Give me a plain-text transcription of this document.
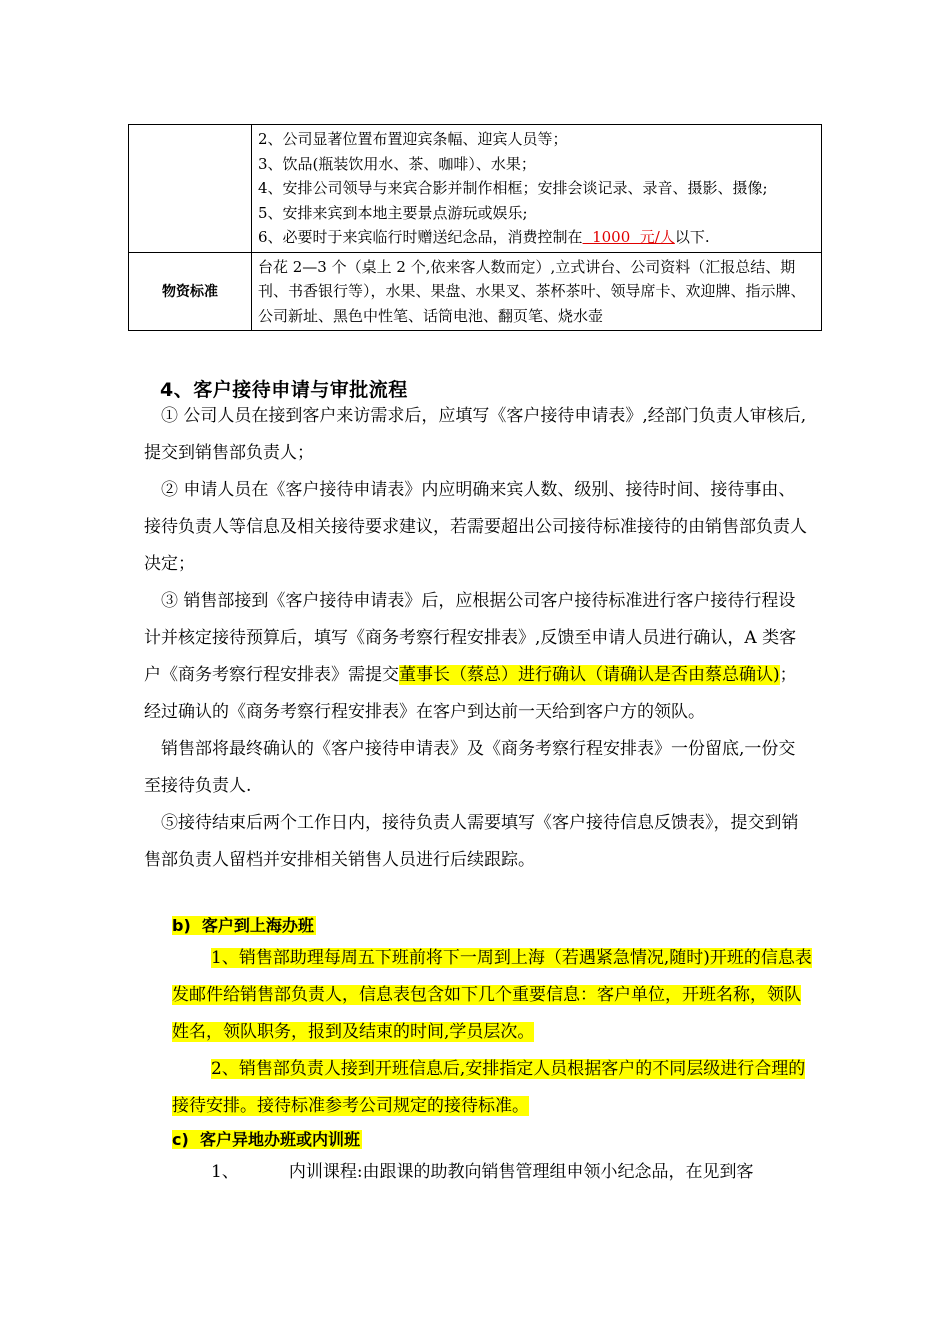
	2、公司显著位置布置迎宾条幅、迎宾人员等；

3、饮品(瓶装饮用水、茶、咖啡）、水果；

4、安排公司领导与来宾合影并制作相框；安排会谈记录、录音、摄影、摄像;

5、安排来宾到本地主要景点游玩或娱乐;

6、必要时于来宾临行时赠送纪念品，消费控制在  1000  元/人以下.

物资标准	台花 2—3 个（桌上 2 个,依来客人数而定）,立式讲台、公司资料（汇报总结、期刊、书香银行等），水果、果盘、水果叉、茶杯茶叶、领导席卡、欢迎牌、指示牌、公司新址、黑色中性笔、话筒电池、翻页笔、烧水壶

4、客户接待申请与审批流程

① 公司人员在接到客户来访需求后，应填写《客户接待申请表》,经部门负责人审核后,提交到销售部负责人；

② 申请人员在《客户接待申请表》内应明确来宾人数、级别、接待时间、接待事由、接待负责人等信息及相关接待要求建议，若需要超出公司接待标准接待的由销售部负责人决定；

③ 销售部接到《客户接待申请表》后，应根据公司客户接待标准进行客户接待行程设计并核定接待预算后，填写《商务考察行程安排表》,反馈至申请人员进行确认，A 类客户《商务考察行程安排表》需提交董事长（蔡总）进行确认（请确认是否由蔡总确认)；经过确认的《商务考察行程安排表》在客户到达前一天给到客户方的领队。

销售部将最终确认的《客户接待申请表》及《商务考察行程安排表》一份留底,一份交至接待负责人.

⑤接待结束后两个工作日内，接待负责人需要填写《客户接待信息反馈表》，提交到销售部负责人留档并安排相关销售人员进行后续跟踪。

b)  客户到上海办班

1、销售部助理每周五下班前将下一周到上海（若遇紧急情况,随时)开班的信息表发邮件给销售部负责人，信息表包含如下几个重要信息：客户单位，开班名称，领队姓名，领队职务，报到及结束的时间,学员层次。

2、销售部负责人接到开班信息后,安排指定人员根据客户的不同层级进行合理的接待安排。接待标准参考公司规定的接待标准。

c)  客户异地办班或内训班

1、	内训课程:由跟课的助教向销售管理组申领小纪念品，在见到客
